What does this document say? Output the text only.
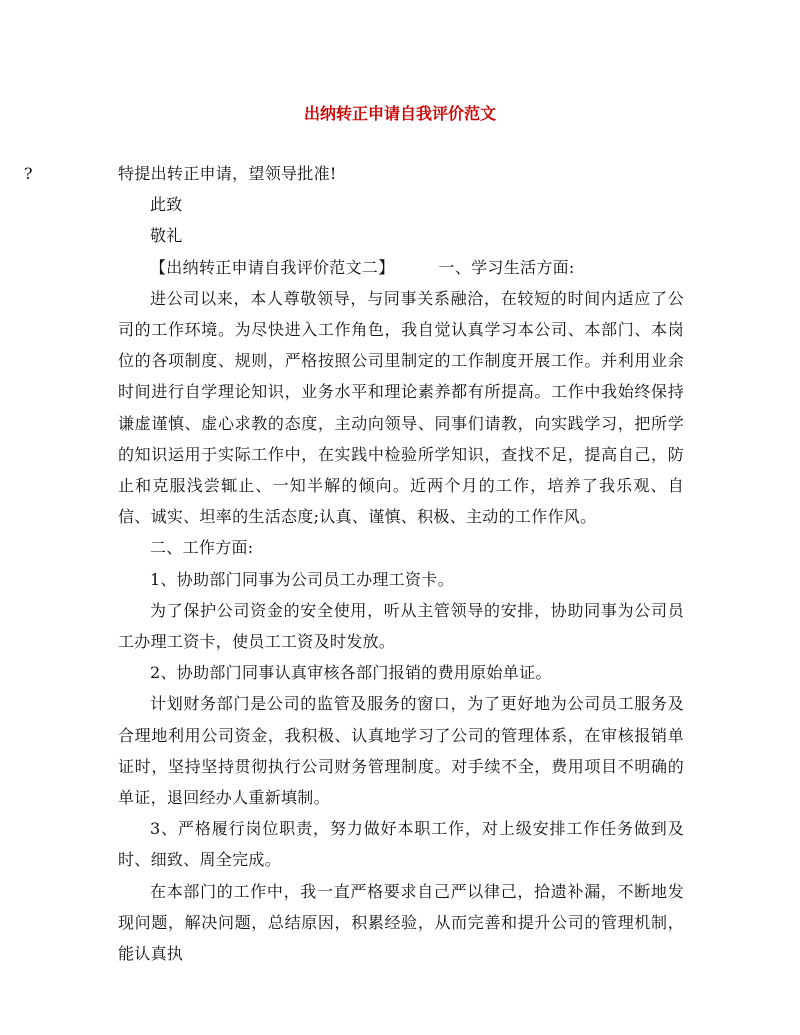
出纳转正申请自我评价范文

?	特提出转正申请，望领导批准!

此致

敬礼

【出纳转正申请自我评价范文二】	一、学习生活方面:

进公司以来，本人尊敬领导，与同事关系融洽，在较短的时间内适应了公司的工作环境。为尽快进入工作角色，我自觉认真学习本公司、本部门、本岗位的各项制度、规则，严格按照公司里制定的工作制度开展工作。并利用业余时间进行自学理论知识，业务水平和理论素养都有所提高。工作中我始终保持谦虚谨慎、虚心求教的态度，主动向领导、同事们请教，向实践学习，把所学的知识运用于实际工作中，在实践中检验所学知识，查找不足，提高自己，防止和克服浅尝辄止、一知半解的倾向。近两个月的工作，培养了我乐观、自信、诚实、坦率的生活态度;认真、谨慎、积极、主动的工作作风。

二、工作方面:

1、协助部门同事为公司员工办理工资卡。

为了保护公司资金的安全使用，听从主管领导的安排，协助同事为公司员工办理工资卡，使员工工资及时发放。

2、协助部门同事认真审核各部门报销的费用原始单证。

计划财务部门是公司的监管及服务的窗口，为了更好地为公司员工服务及合理地利用公司资金，我积极、认真地学习了公司的管理体系，在审核报销单证时，坚持坚持贯彻执行公司财务管理制度。对手续不全，费用项目不明确的单证，退回经办人重新填制。

3、严格履行岗位职责，努力做好本职工作，对上级安排工作任务做到及时、细致、周全完成。

在本部门的工作中，我一直严格要求自己严以律己，拾遗补漏，不断地发现问题，解决问题，总结原因，积累经验，从而完善和提升公司的管理机制，能认真执
